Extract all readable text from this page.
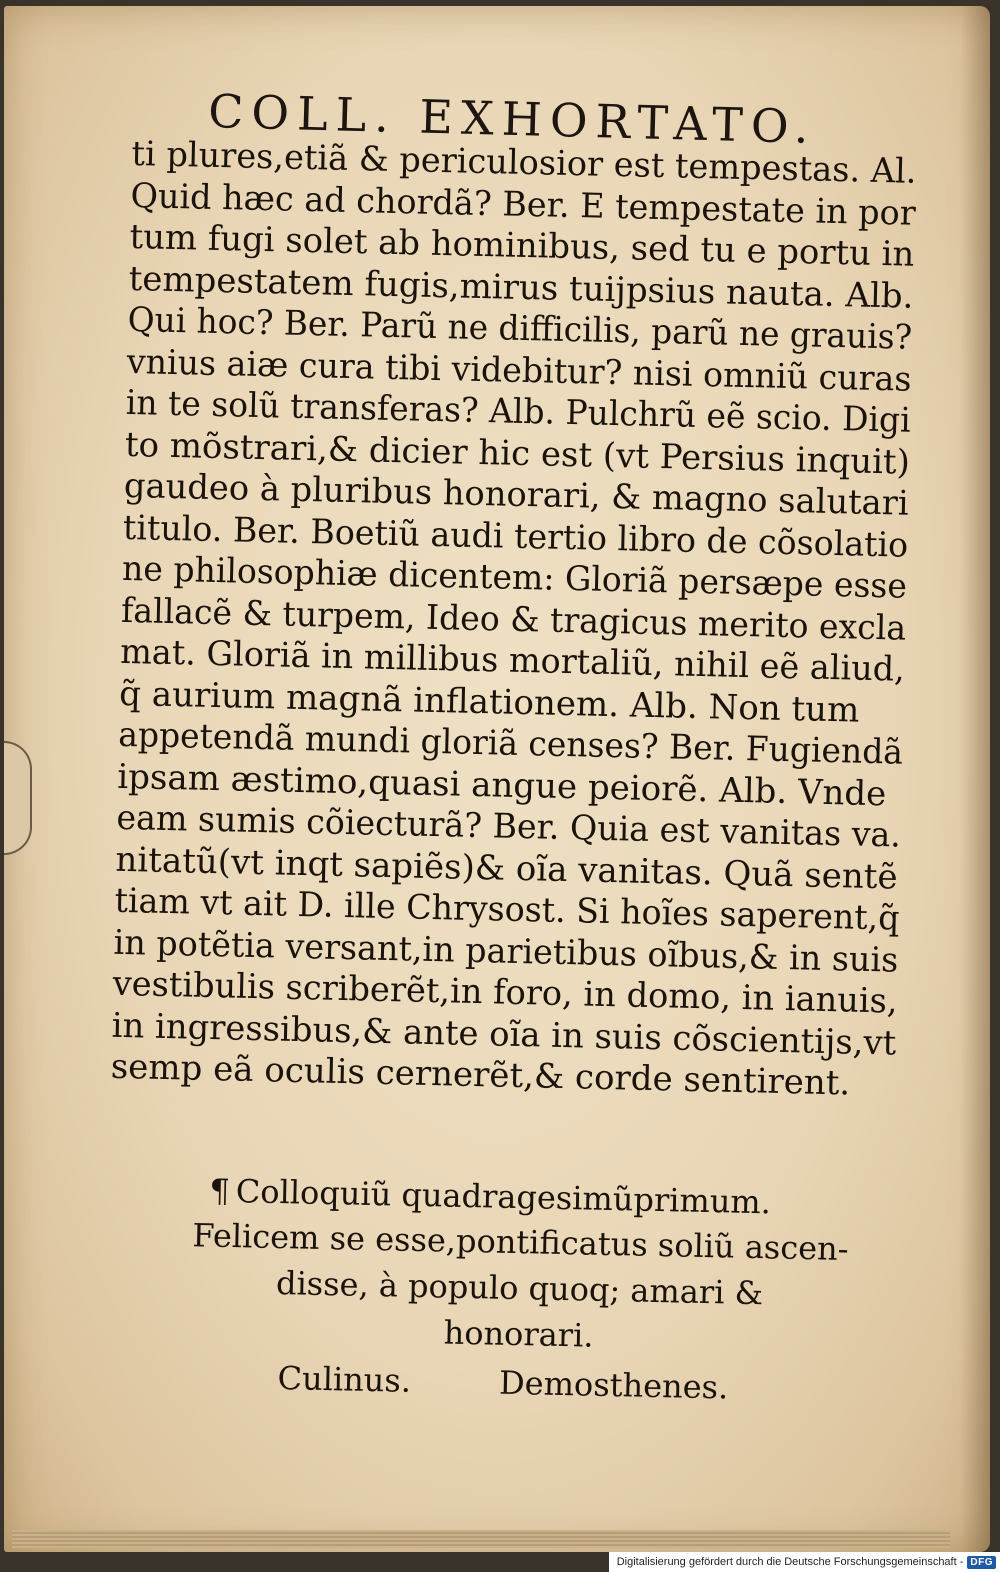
COLL. EXHORTATO.
ti plures,etiã & periculosior est tempestas. Al.
Quid hæc ad chordã? Ber. E tempestate in por
tum fugi solet ab hominibus, sed tu e portu in
tempestatem fugis,mirus tuijpsius nauta. Alb.
Qui hoc? Ber. Parũ ne difficilis, parũ ne grauis?
vnius aiæ cura tibi videbitur? nisi omniũ curas
in te solũ transferas? Alb. Pulchrũ eẽ scio. Digi
to mõstrari,& dicier hic est (vt Persius inquit)
gaudeo à pluribus honorari, & magno salutari
titulo. Ber. Boetiũ audi tertio libro de cõsolatio
ne philosophiæ dicentem: Gloriã persæpe esse
fallacẽ & turpem, Ideo & tragicus merito excla
mat. Gloriã in millibus mortaliũ, nihil eẽ aliud,
q̃ aurium magnã inflationem. Alb. Non tum
appetendã mundi gloriã censes? Ber. Fugiendã
ipsam æstimo,quasi angue peiorẽ. Alb. Vnde
eam sumis cõiecturã? Ber. Quia est vanitas va.
nitatũ(vt inqt sapiẽs)& oĩa vanitas. Quã sentẽ
tiam vt ait D. ille Chrysost. Si hoĩes saperent,q̃
in potẽtia versant,in parietibus oĩbus,& in suis
vestibulis scriberẽt,in foro, in domo, in ianuis,
in ingressibus,& ante oĩa in suis cõscientijs,vt
semp eã oculis cernerẽt,& corde sentirent.
¶ Colloquiũ quadragesimũprimum.
Felicem se esse,pontificatus soliũ ascen-
disse, à populo quoq; amari &
honorari.
Culinus.	Demosthenes.
Digitalisierung gefördert durch die Deutsche Forschungsgemeinschaft - DFG
